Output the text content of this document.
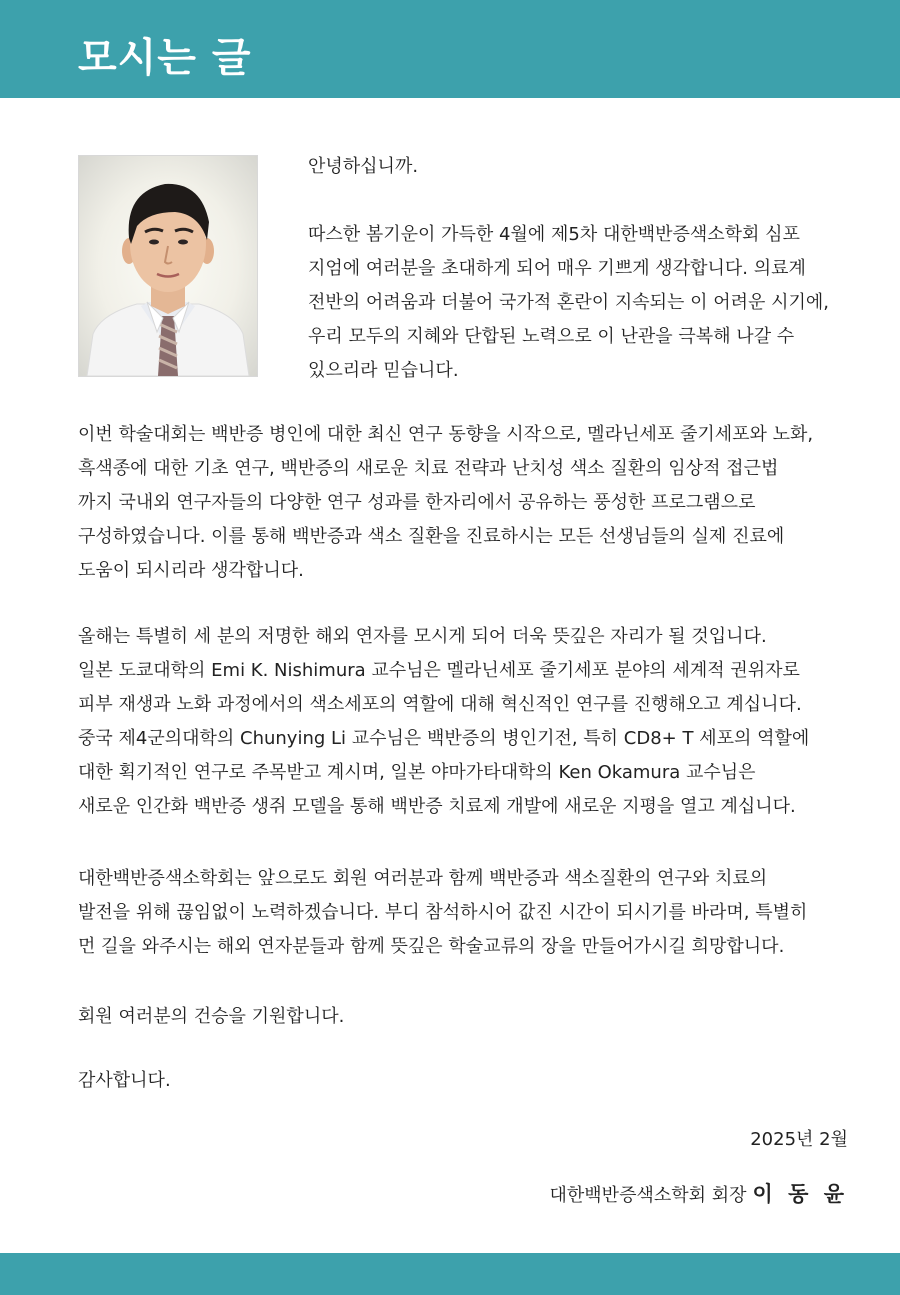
모시는 글

안녕하십니까.

따스한 봄기운이 가득한 4월에 제5차 대한백반증색소학회 심포
지엄에 여러분을 초대하게 되어 매우 기쁘게 생각합니다. 의료계
전반의 어려움과 더불어 국가적 혼란이 지속되는 이 어려운 시기에,
우리 모두의 지혜와 단합된 노력으로 이 난관을 극복해 나갈 수
있으리라 믿습니다.
이번 학술대회는 백반증 병인에 대한 최신 연구 동향을 시작으로, 멜라닌세포 줄기세포와 노화,
흑색종에 대한 기초 연구, 백반증의 새로운 치료 전략과 난치성 색소 질환의 임상적 접근법
까지 국내외 연구자들의 다양한 연구 성과를 한자리에서 공유하는 풍성한 프로그램으로
구성하였습니다. 이를 통해 백반증과 색소 질환을 진료하시는 모든 선생님들의 실제 진료에
도움이 되시리라 생각합니다.
올해는 특별히 세 분의 저명한 해외 연자를 모시게 되어 더욱 뜻깊은 자리가 될 것입니다.
일본 도쿄대학의 Emi K. Nishimura 교수님은 멜라닌세포 줄기세포 분야의 세계적 권위자로
피부 재생과 노화 과정에서의 색소세포의 역할에 대해 혁신적인 연구를 진행해오고 계십니다.
중국 제4군의대학의 Chunying Li 교수님은 백반증의 병인기전, 특히 CD8+ T 세포의 역할에
대한 획기적인 연구로 주목받고 계시며, 일본 야마가타대학의 Ken Okamura 교수님은
새로운 인간화 백반증 생쥐 모델을 통해 백반증 치료제 개발에 새로운 지평을 열고 계십니다.
대한백반증색소학회는 앞으로도 회원 여러분과 함께 백반증과 색소질환의 연구와 치료의
발전을 위해 끊임없이 노력하겠습니다. 부디 참석하시어 값진 시간이 되시기를 바라며, 특별히
먼 길을 와주시는 해외 연자분들과 함께 뜻깊은 학술교류의 장을 만들어가시길 희망합니다.

회원 여러분의 건승을 기원합니다.

감사합니다.

2025년 2월
대한백반증색소학회 회장 이 동 윤
